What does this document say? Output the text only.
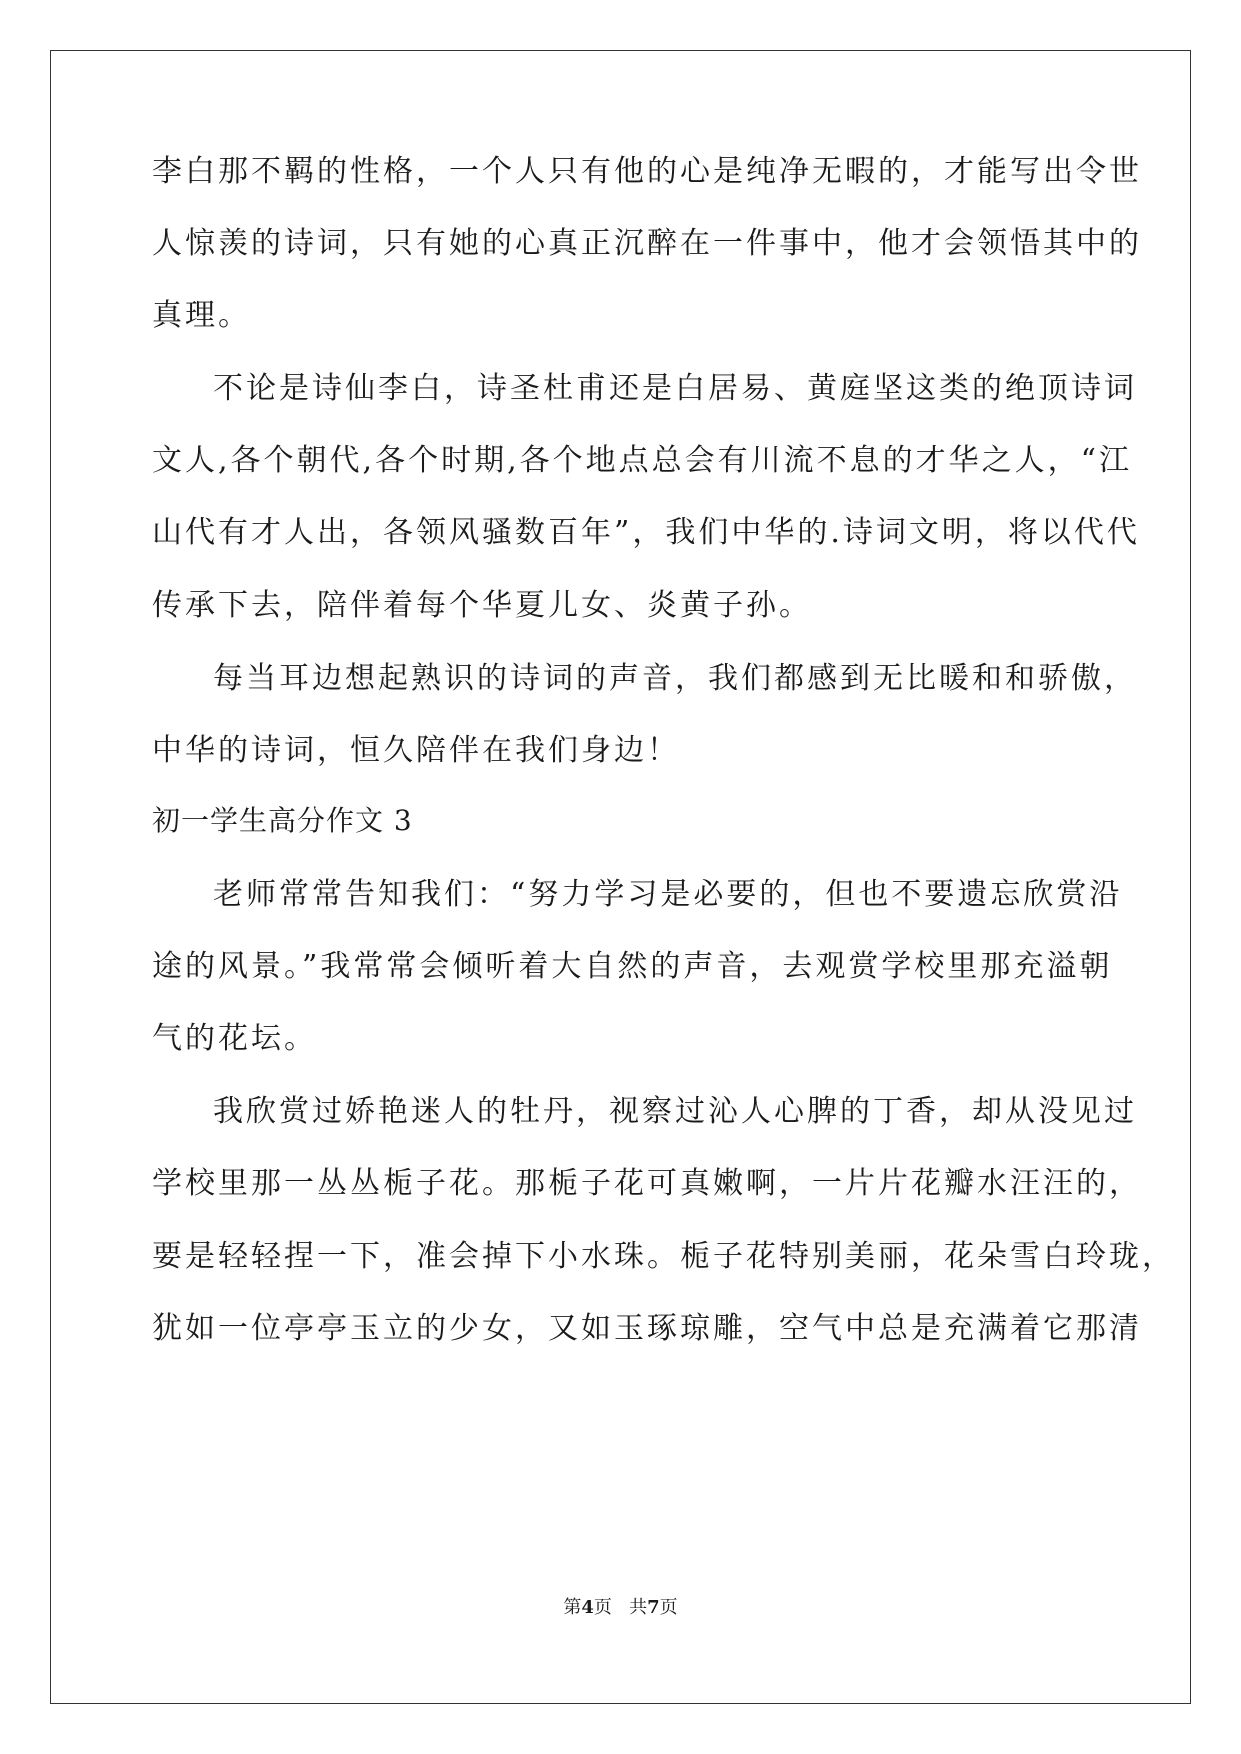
李白那不羁的性格，一个人只有他的心是纯净无暇的，才能写出令世
人惊羡的诗词，只有她的心真正沉醉在一件事中，他才会领悟其中的
真理。
不论是诗仙李白，诗圣杜甫还是白居易、黄庭坚这类的绝顶诗词
文人,各个朝代,各个时期,各个地点总会有川流不息的才华之人，“江
山代有才人出，各领风骚数百年”，我们中华的.诗词文明，将以代代
传承下去，陪伴着每个华夏儿女、炎黄子孙。
每当耳边想起熟识的诗词的声音，我们都感到无比暖和和骄傲，
中华的诗词，恒久陪伴在我们身边！
初一学生高分作文 3
老师常常告知我们：“努力学习是必要的，但也不要遗忘欣赏沿
途的风景。”我常常会倾听着大自然的声音，去观赏学校里那充溢朝
气的花坛。
我欣赏过娇艳迷人的牡丹，视察过沁人心脾的丁香，却从没见过
学校里那一丛丛栀子花。那栀子花可真嫩啊，一片片花瓣水汪汪的，
要是轻轻捏一下，准会掉下小水珠。栀子花特别美丽，花朵雪白玲珑，
犹如一位亭亭玉立的少女，又如玉琢琼雕，空气中总是充满着它那清
第4页 共7页
